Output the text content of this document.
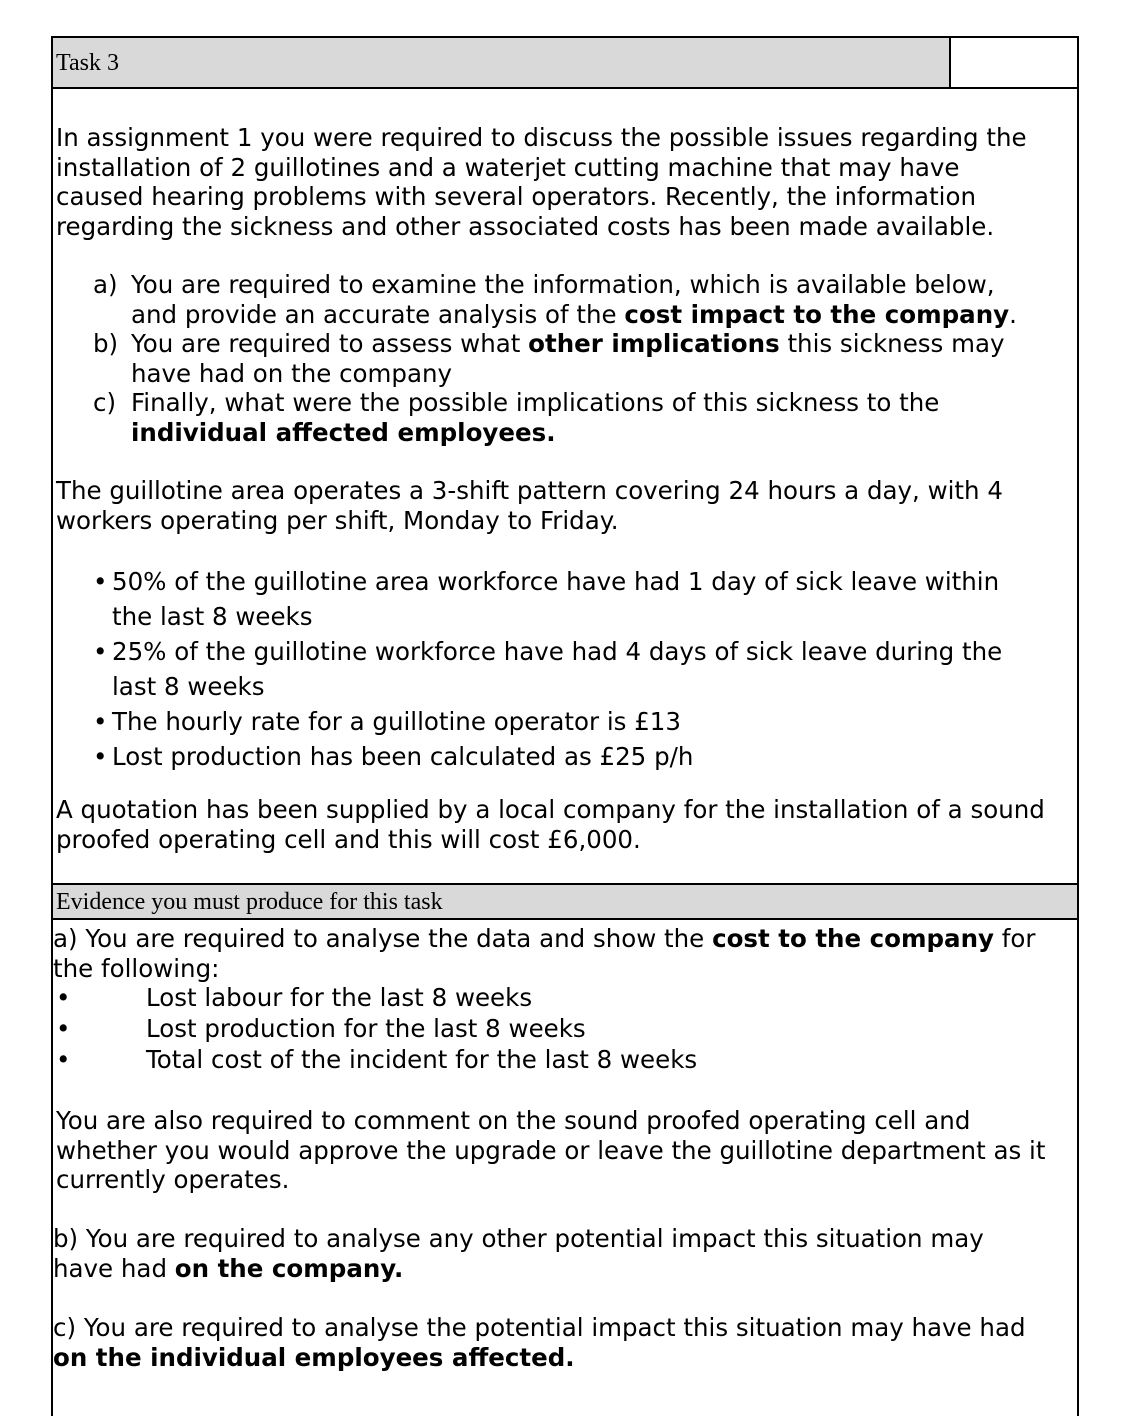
Task 3
In assignment 1 you were required to discuss the possible issues regarding the
installation of 2 guillotines and a waterjet cutting machine that may have
caused hearing problems with several operators. Recently, the information
regarding the sickness and other associated costs has been made available.
a) You are required to examine the information, which is available below,
and provide an accurate analysis of the cost impact to the company.
b) You are required to assess what other implications this sickness may
have had on the company
c) Finally, what were the possible implications of this sickness to the
individual affected employees.
The guillotine area operates a 3-shift pattern covering 24 hours a day, with 4
workers operating per shift, Monday to Friday.
• 50% of the guillotine area workforce have had 1 day of sick leave within
the last 8 weeks
• 25% of the guillotine workforce have had 4 days of sick leave during the
last 8 weeks
• The hourly rate for a guillotine operator is £13
• Lost production has been calculated as £25 p/h
A quotation has been supplied by a local company for the installation of a sound
proofed operating cell and this will cost £6,000.
Evidence you must produce for this task
a) You are required to analyse the data and show the cost to the company for
the following:
•	Lost labour for the last 8 weeks
•	Lost production for the last 8 weeks
•	Total cost of the incident for the last 8 weeks
You are also required to comment on the sound proofed operating cell and
whether you would approve the upgrade or leave the guillotine department as it
currently operates.
b) You are required to analyse any other potential impact this situation may
have had on the company.
c) You are required to analyse the potential impact this situation may have had
on the individual employees affected.
